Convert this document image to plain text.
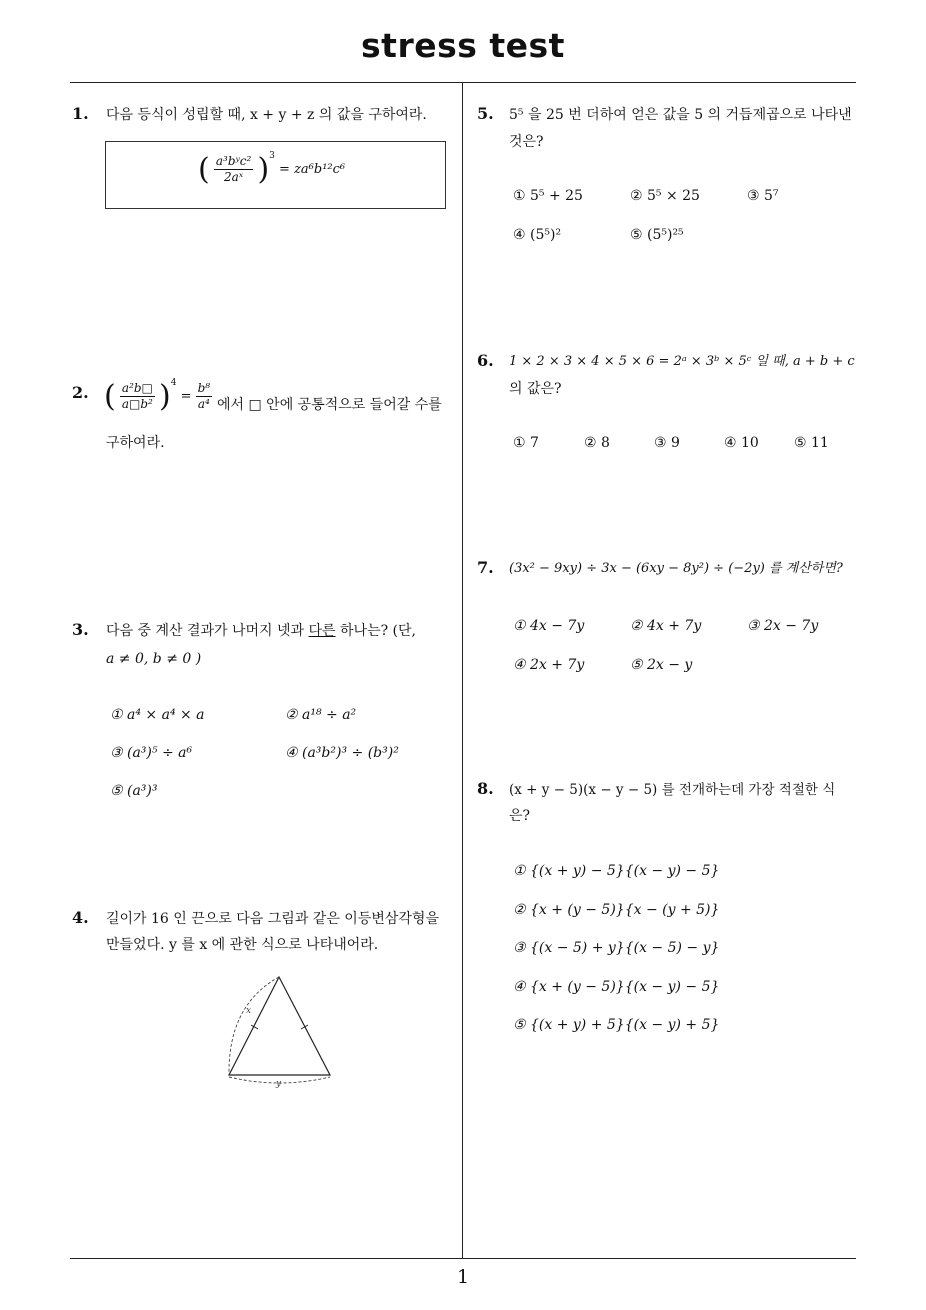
stress test
1
1. 다음 등식이 성립할 때, x + y + z 의 값을 구하여라.
( $\frac{\text{a³bʸc²}}{\text{2aˣ}} )^3 = za^6b^{12}c^6$
2. ( $\frac{\text{a²b□}}{\text{a□b²}} )^4 = \frac{\text{b⁸}}{\text{a⁴}}$ 에서 □ 안에 공통적으로 들어갈 수를
구하여라.
3. 다음 중 계산 결과가 나머지 넷과 다른 하나는? (단,
a ≠ 0, b ≠ 0 )
① a⁴ × a⁴ × a	② a¹⁸ ÷ a²
③ (a³)⁵ ÷ a⁶	④ (a³b²)³ ÷ (b³)²
⑤ (a³)³
4. 길이가 16 인 끈으로 다음 그림과 같은 이등변삼각형을
만들었다. y 를 x 에 관한 식으로 나타내어라.
x
y
5. 5⁵ 을 25 번 더하여 얻은 값을 5 의 거듭제곱으로 나타낸
것은?
① 5⁵ + 25	② 5⁵ × 25	③ 5⁷
④ (5⁵)²	⑤ (5⁵)²⁵
6. 1 × 2 × 3 × 4 × 5 × 6 = 2ᵃ × 3ᵇ × 5ᶜ 일 때, a + b + c
의 값은?
① 7	② 8	③ 9	④ 10	⑤ 11
7. (3x² − 9xy) ÷ 3x − (6xy − 8y²) ÷ (−2y) 를 계산하면?
① 4x − 7y	② 4x + 7y	③ 2x − 7y
④ 2x + 7y	⑤ 2x − y
8. (x + y − 5)(x − y − 5) 를 전개하는데 가장 적절한 식
은?
① {(x + y) − 5}{(x − y) − 5}
② {x + (y − 5)}{x − (y + 5)}
③ {(x − 5) + y}{(x − 5) − y}
④ {x + (y − 5)}{(x − y) − 5}
⑤ {(x + y) + 5}{(x − y) + 5}
